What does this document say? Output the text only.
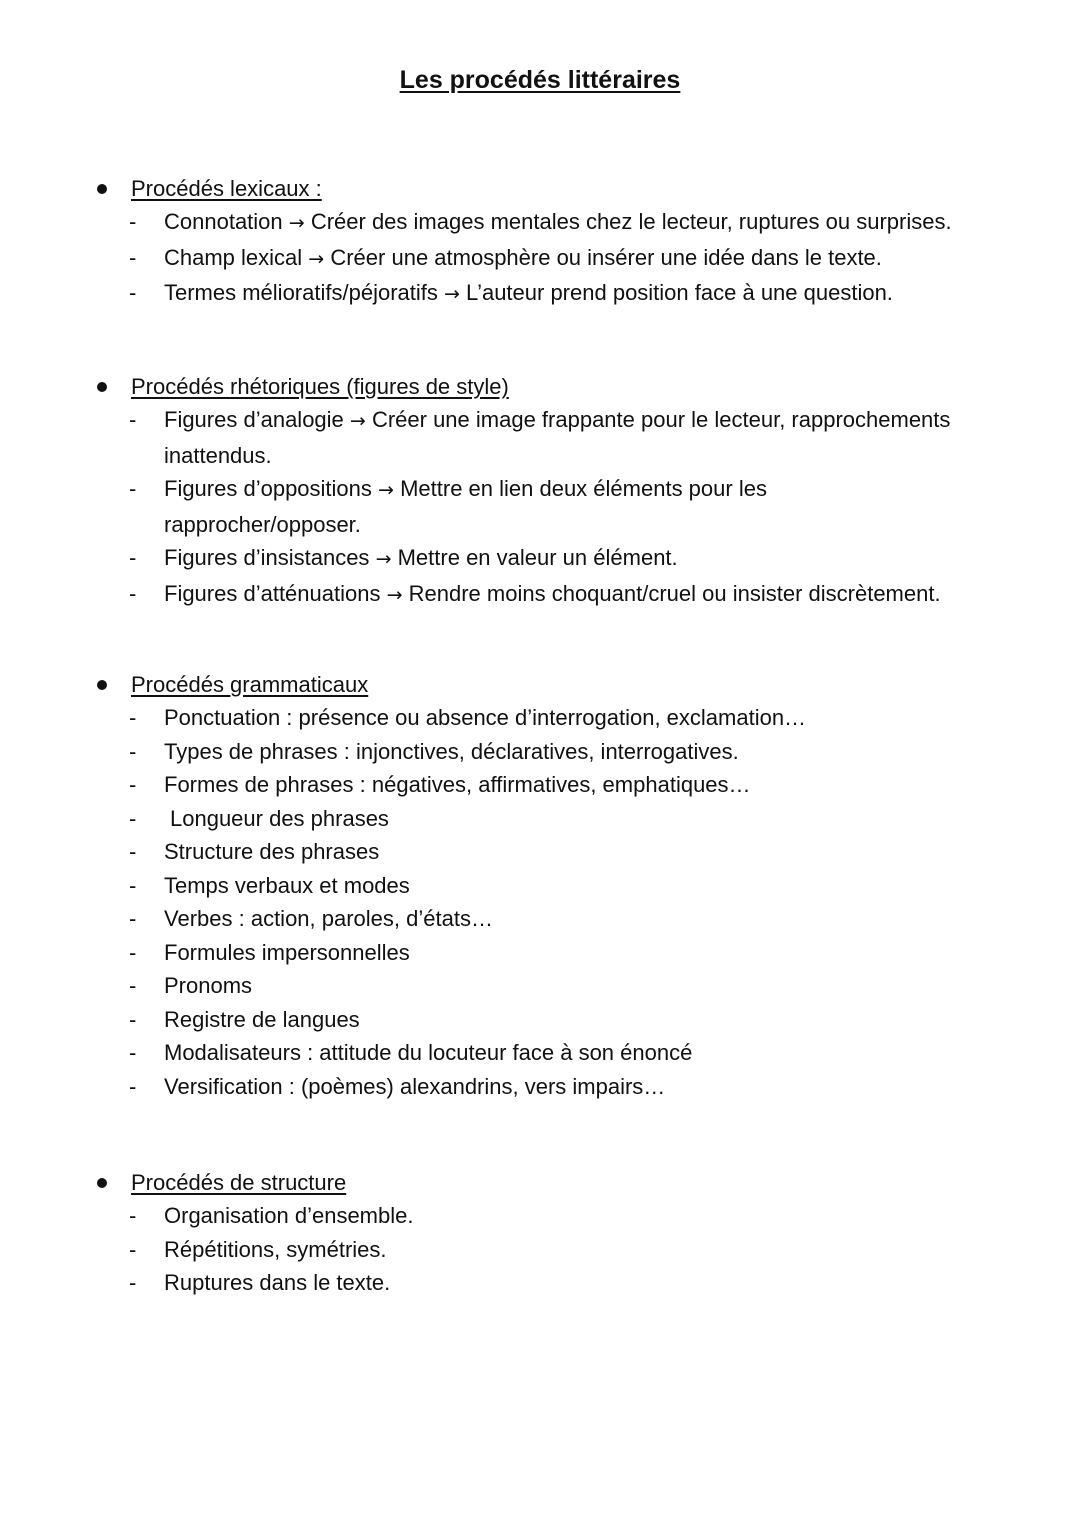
Les procédés littéraires
Procédés lexicaux :
- Connotation → Créer des images mentales chez le lecteur, ruptures ou surprises.
- Champ lexical → Créer une atmosphère ou insérer une idée dans le texte.
- Termes mélioratifs/péjoratifs → L’auteur prend position face à une question.
Procédés rhétoriques (figures de style)
- Figures d’analogie → Créer une image frappante pour le lecteur, rapprochements inattendus.
- Figures d’oppositions → Mettre en lien deux éléments pour les rapprocher/opposer.
- Figures d’insistances → Mettre en valeur un élément.
- Figures d’atténuations → Rendre moins choquant/cruel ou insister discrètement.
Procédés grammaticaux
- Ponctuation : présence ou absence d’interrogation, exclamation…
- Types de phrases : injonctives, déclaratives, interrogatives.
- Formes de phrases : négatives, affirmatives, emphatiques…
- Longueur des phrases
- Structure des phrases
- Temps verbaux et modes
- Verbes : action, paroles, d’états…
- Formules impersonnelles
- Pronoms
- Registre de langues
- Modalisateurs : attitude du locuteur face à son énoncé
- Versification : (poèmes) alexandrins, vers impairs…
Procédés de structure
- Organisation d’ensemble.
- Répétitions, symétries.
- Ruptures dans le texte.
